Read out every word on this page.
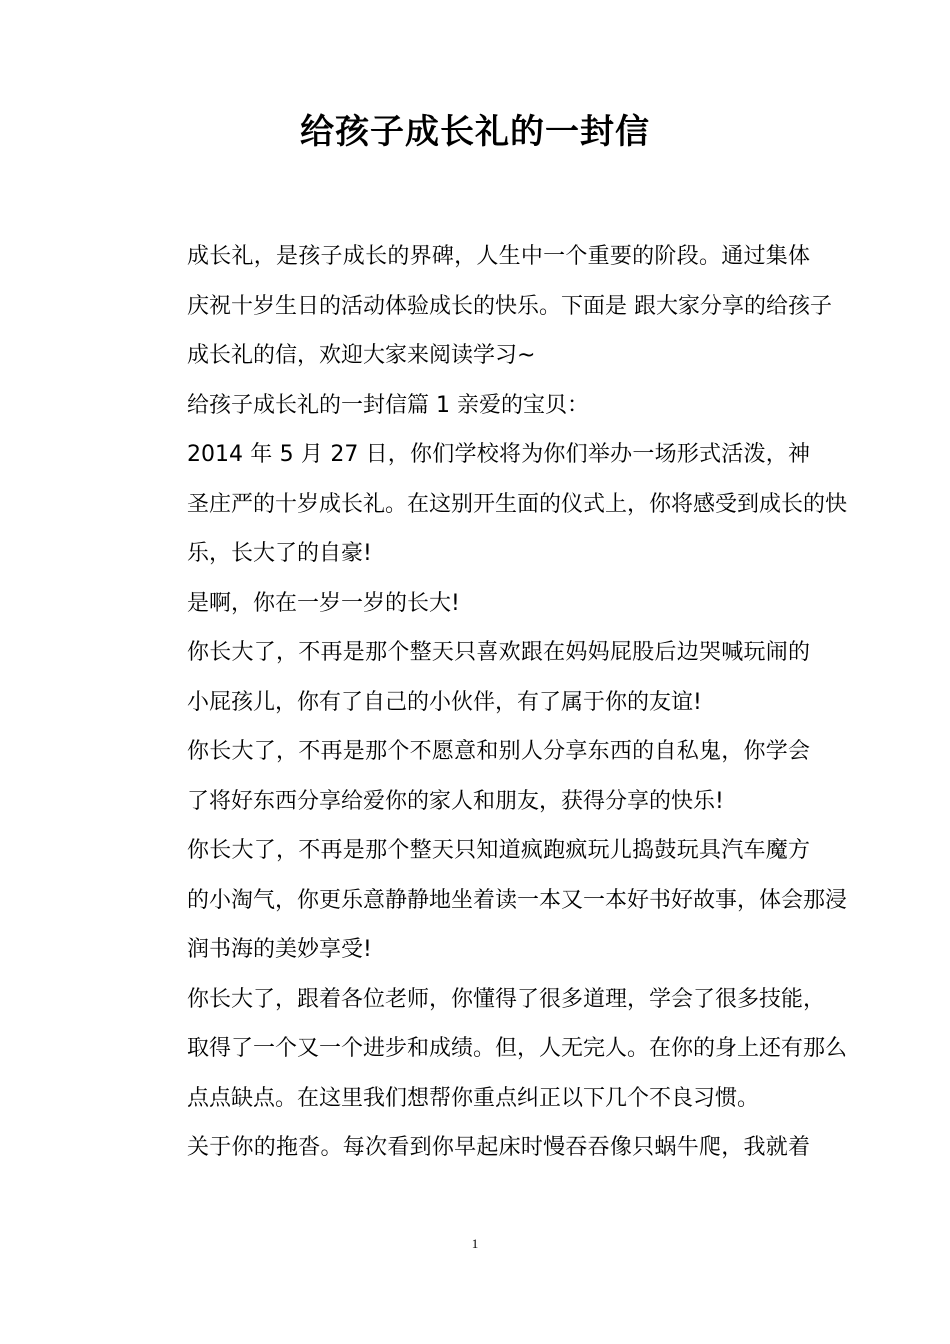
给孩子成长礼的一封信

成长礼，是孩子成长的界碑，人生中一个重要的阶段。通过集体
庆祝十岁生日的活动体验成长的快乐。下面是 跟大家分享的给孩子
成长礼的信，欢迎大家来阅读学习~

给孩子成长礼的一封信篇 1 亲爱的宝贝：

2014 年 5 月 27 日，你们学校将为你们举办一场形式活泼，神
圣庄严的十岁成长礼。在这别开生面的仪式上，你将感受到成长的快
乐，长大了的自豪!

是啊，你在一岁一岁的长大!

你长大了，不再是那个整天只喜欢跟在妈妈屁股后边哭喊玩闹的
小屁孩儿，你有了自己的小伙伴，有了属于你的友谊!

你长大了，不再是那个不愿意和别人分享东西的自私鬼，你学会
了将好东西分享给爱你的家人和朋友，获得分享的快乐!

你长大了，不再是那个整天只知道疯跑疯玩儿捣鼓玩具汽车魔方
的小淘气，你更乐意静静地坐着读一本又一本好书好故事，体会那浸
润书海的美妙享受!

你长大了，跟着各位老师，你懂得了很多道理，学会了很多技能，
取得了一个又一个进步和成绩。但，人无完人。在你的身上还有那么
点点缺点。在这里我们想帮你重点纠正以下几个不良习惯。

关于你的拖沓。每次看到你早起床时慢吞吞像只蜗牛爬，我就着

1
